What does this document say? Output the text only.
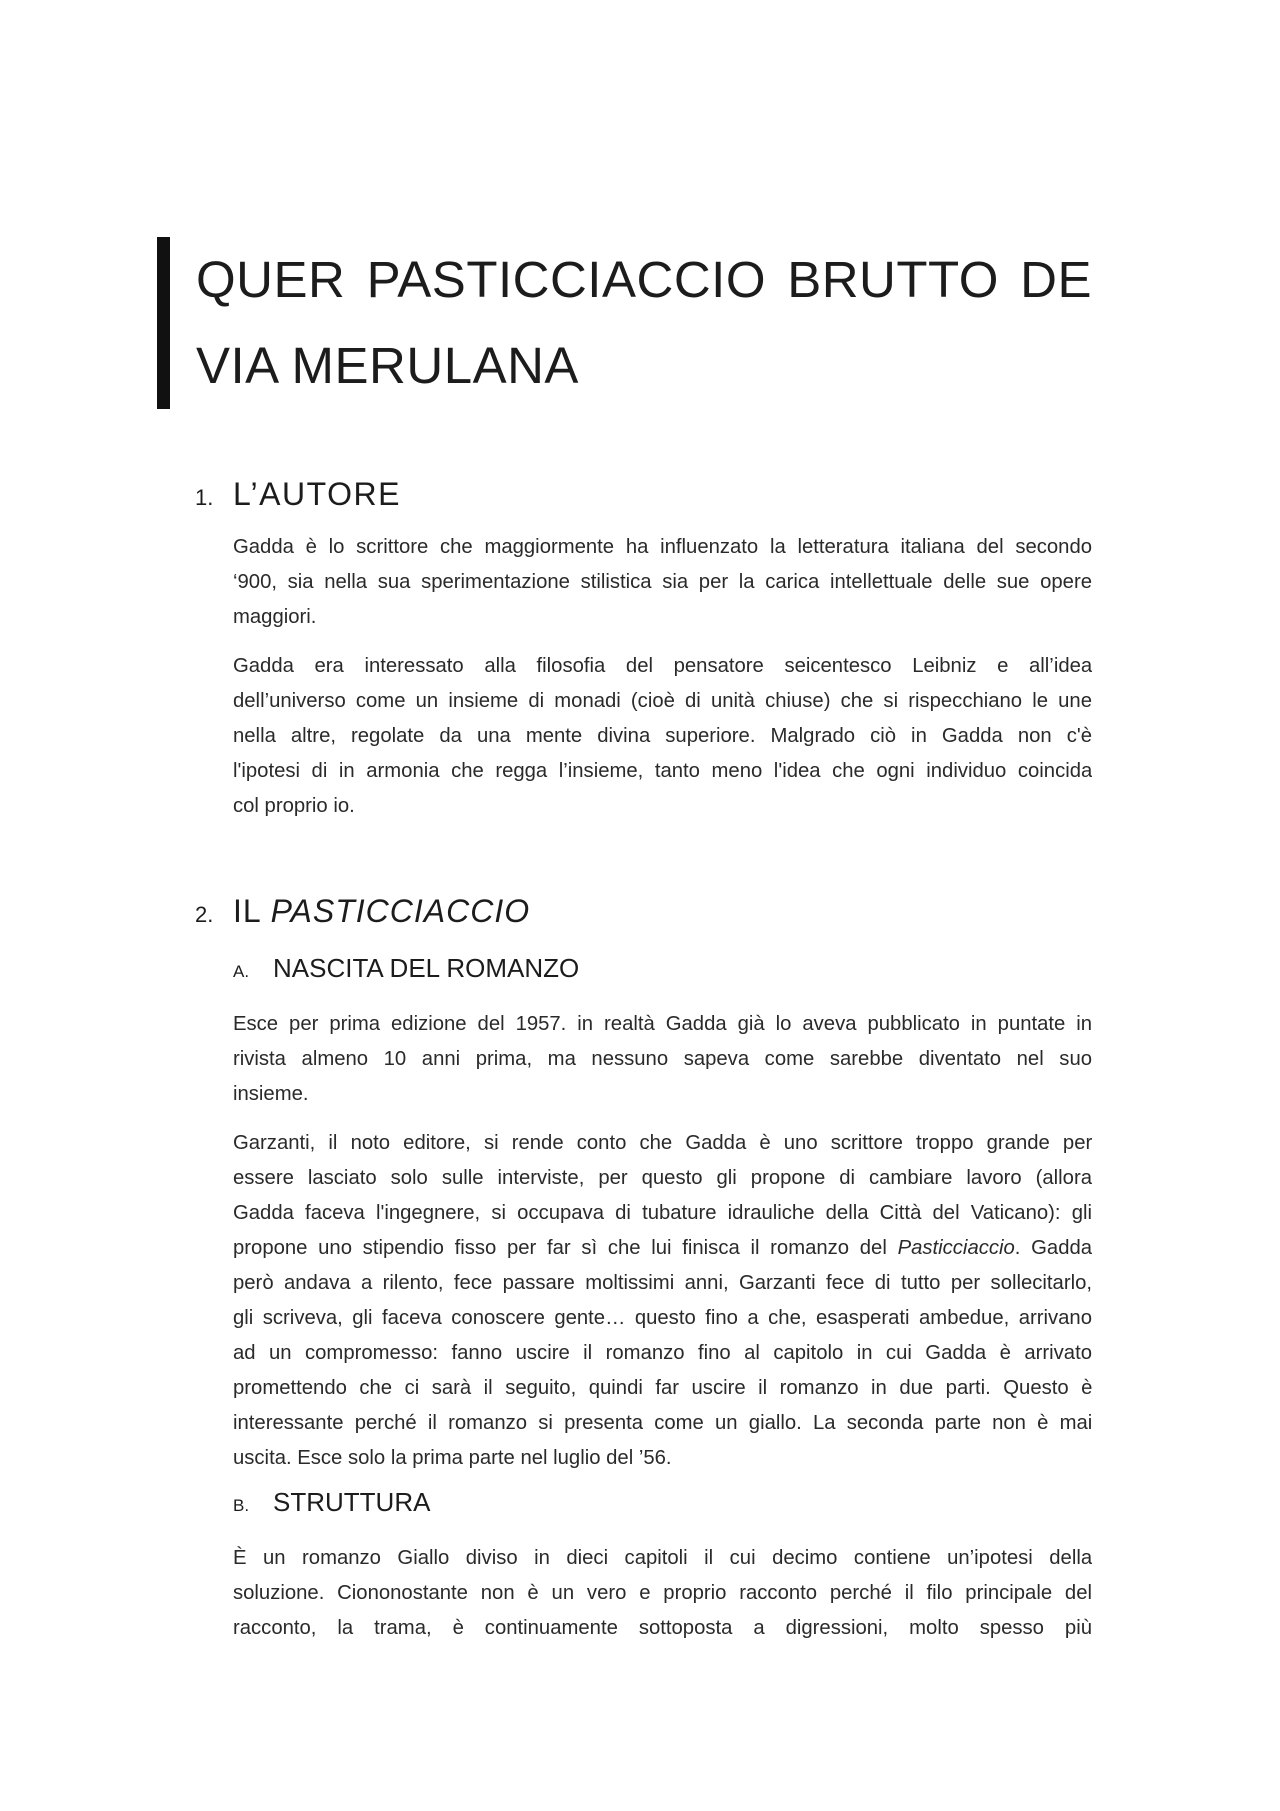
QUER PASTICCIACCIO BRUTTO DE
VIA MERULANA
1. L’AUTORE
Gadda è lo scrittore che maggiormente ha influenzato la letteratura italiana del secondo
‘900, sia nella sua sperimentazione stilistica sia per la carica intellettuale delle sue opere
maggiori.
Gadda era interessato alla filosofia del pensatore seicentesco Leibniz e all’idea
dell’universo come un insieme di monadi (cioè di unità chiuse) che si rispecchiano le une
nella altre, regolate da una mente divina superiore. Malgrado ciò in Gadda non c'è
l'ipotesi di in armonia che regga l’insieme, tanto meno l'idea che ogni individuo coincida
col proprio io.
2. IL PASTICCIACCIO
A. NASCITA DEL ROMANZO
Esce per prima edizione del 1957. in realtà Gadda già lo aveva pubblicato in puntate in
rivista almeno 10 anni prima, ma nessuno sapeva come sarebbe diventato nel suo
insieme.
Garzanti, il noto editore, si rende conto che Gadda è uno scrittore troppo grande per
essere lasciato solo sulle interviste, per questo gli propone di cambiare lavoro (allora
Gadda faceva l'ingegnere, si occupava di tubature idrauliche della Città del Vaticano): gli
propone uno stipendio fisso per far sì che lui finisca il romanzo del Pasticciaccio. Gadda
però andava a rilento, fece passare moltissimi anni, Garzanti fece di tutto per sollecitarlo,
gli scriveva, gli faceva conoscere gente… questo fino a che, esasperati ambedue, arrivano
ad un compromesso: fanno uscire il romanzo fino al capitolo in cui Gadda è arrivato
promettendo che ci sarà il seguito, quindi far uscire il romanzo in due parti. Questo è
interessante perché il romanzo si presenta come un giallo. La seconda parte non è mai
uscita. Esce solo la prima parte nel luglio del ’56.
B. STRUTTURA
È un romanzo Giallo diviso in dieci capitoli il cui decimo contiene un’ipotesi della
soluzione. Ciononostante non è un vero e proprio racconto perché il filo principale del
racconto, la trama, è continuamente sottoposta a digressioni, molto spesso più
